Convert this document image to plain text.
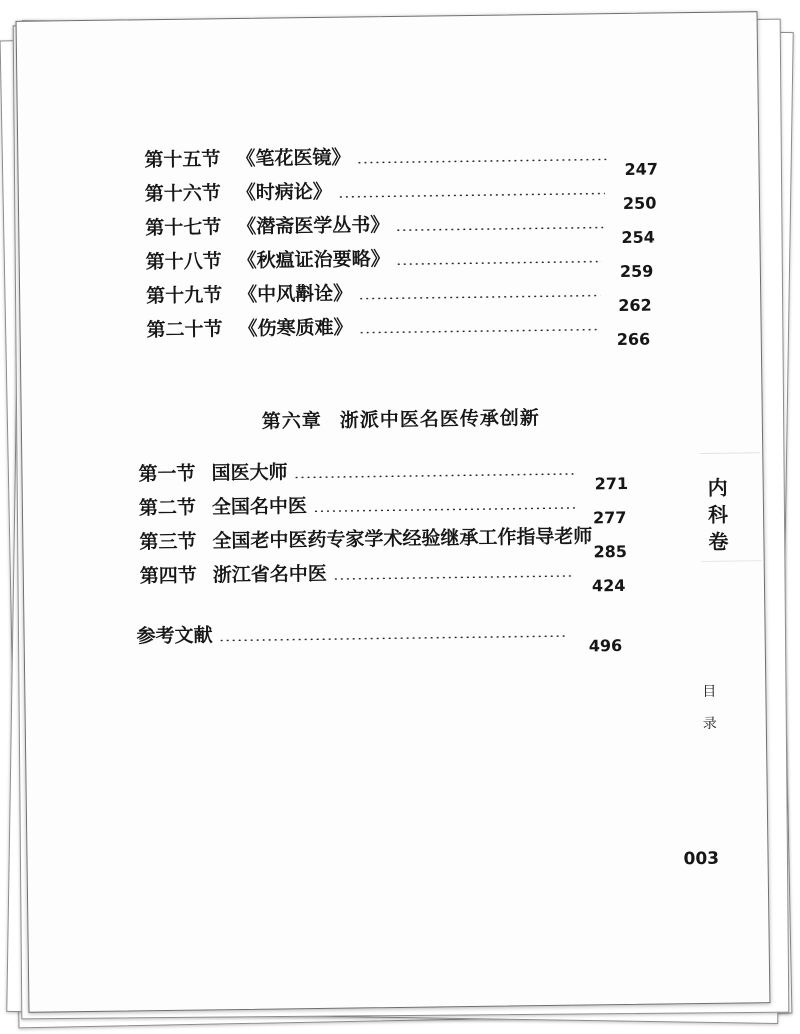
第十五节 《笔花医镜》	247
第十六节 《时病论》	250
第十七节 《潜斋医学丛书》	254
第十八节 《秋瘟证治要略》	259
第十九节 《中风斠诠》	262
第二十节 《伤寒质难》	266
第六章 浙派中医名医传承创新
第一节 国医大师	271
第二节 全国名中医	277
第三节 全国老中医药专家学术经验继承工作指导老师 285
第四节 浙江省名中医	424
参考文献	496
内
科
卷
目
录
003
